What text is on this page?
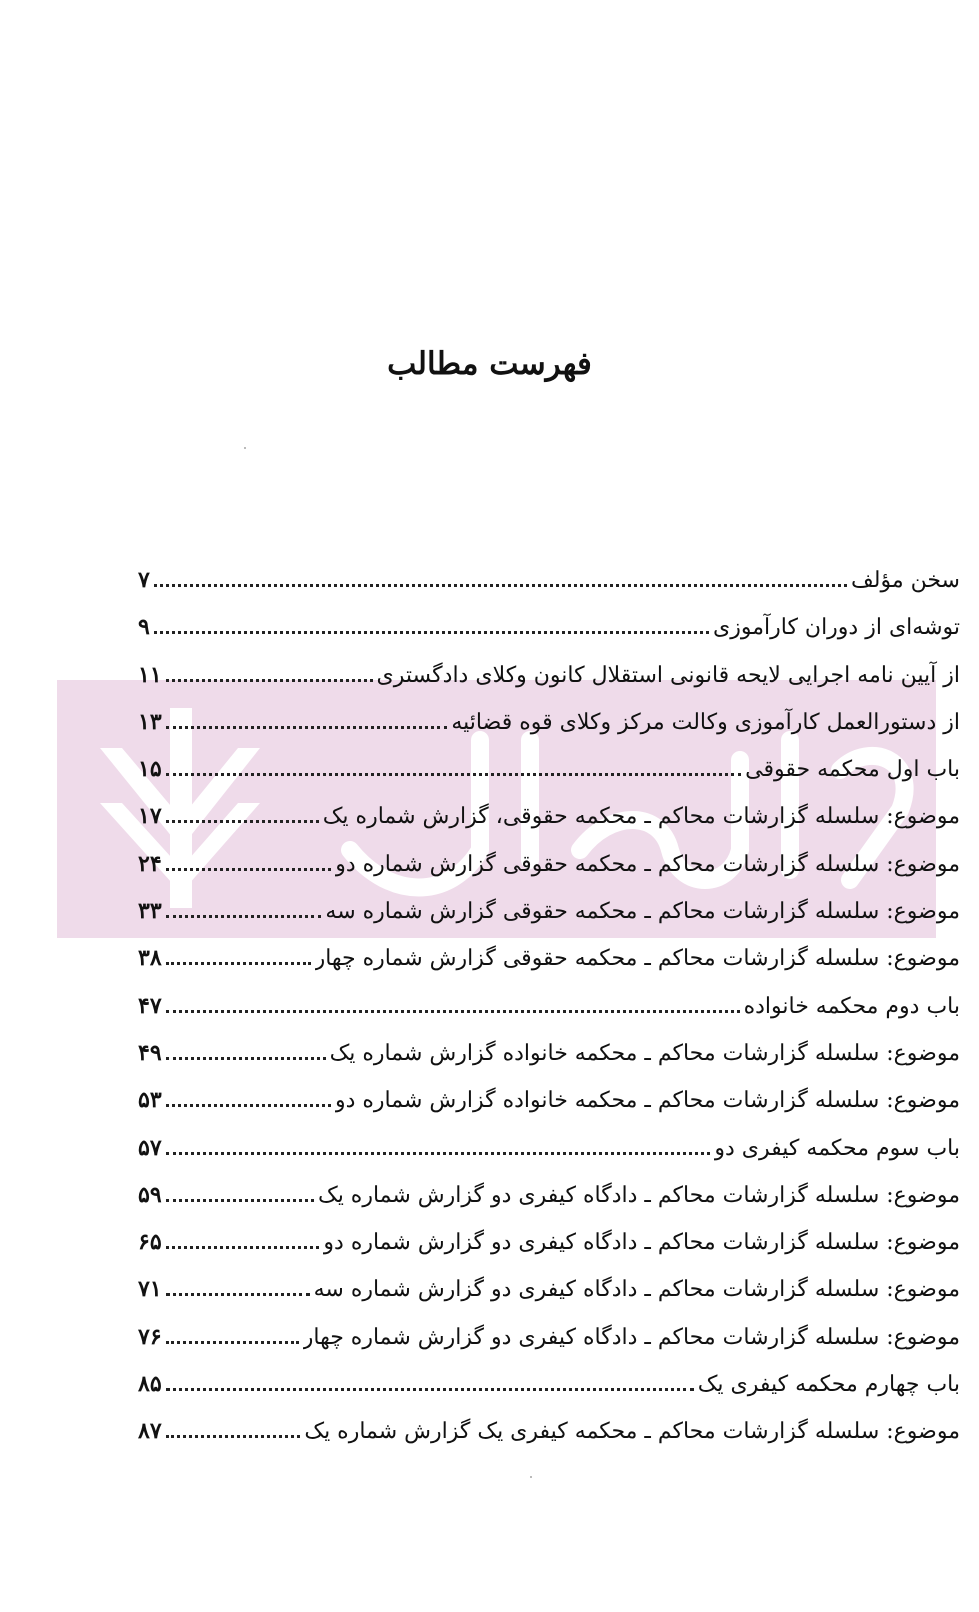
فهرست مطالب
سخن مؤلف
۷
توشه‌ای از دوران کارآموزی
۹
از آیین نامه اجرایی لایحه قانونی استقلال کانون وکلای دادگستری
۱۱
از دستورالعمل کارآموزی وکالت مرکز وکلای قوه قضائیه
۱۳
باب اول محکمه حقوقی
۱۵
موضوع: سلسله گزارشات محاکم ـ محکمه حقوقی، گزارش شماره یک
۱۷
موضوع: سلسله گزارشات محاکم ـ محکمه حقوقی گزارش شماره دو
۲۴
موضوع: سلسله گزارشات محاکم ـ محکمه حقوقی گزارش شماره سه
۳۳
موضوع: سلسله گزارشات محاکم ـ محکمه حقوقی گزارش شماره چهار
۳۸
باب دوم محکمه خانواده
۴۷
موضوع: سلسله گزارشات محاکم ـ محکمه خانواده گزارش شماره یک
۴۹
موضوع: سلسله گزارشات محاکم ـ محکمه خانواده گزارش شماره دو
۵۳
باب سوم محکمه کیفری دو
۵۷
موضوع: سلسله گزارشات محاکم ـ دادگاه کیفری دو گزارش شماره یک
۵۹
موضوع: سلسله گزارشات محاکم ـ دادگاه کیفری دو گزارش شماره دو
۶۵
موضوع: سلسله گزارشات محاکم ـ دادگاه کیفری دو گزارش شماره سه
۷۱
موضوع: سلسله گزارشات محاکم ـ دادگاه کیفری دو گزارش شماره چهار
۷۶
باب چهارم محکمه کیفری یک
۸۵
موضوع: سلسله گزارشات محاکم ـ محکمه کیفری یک گزارش شماره یک
۸۷
